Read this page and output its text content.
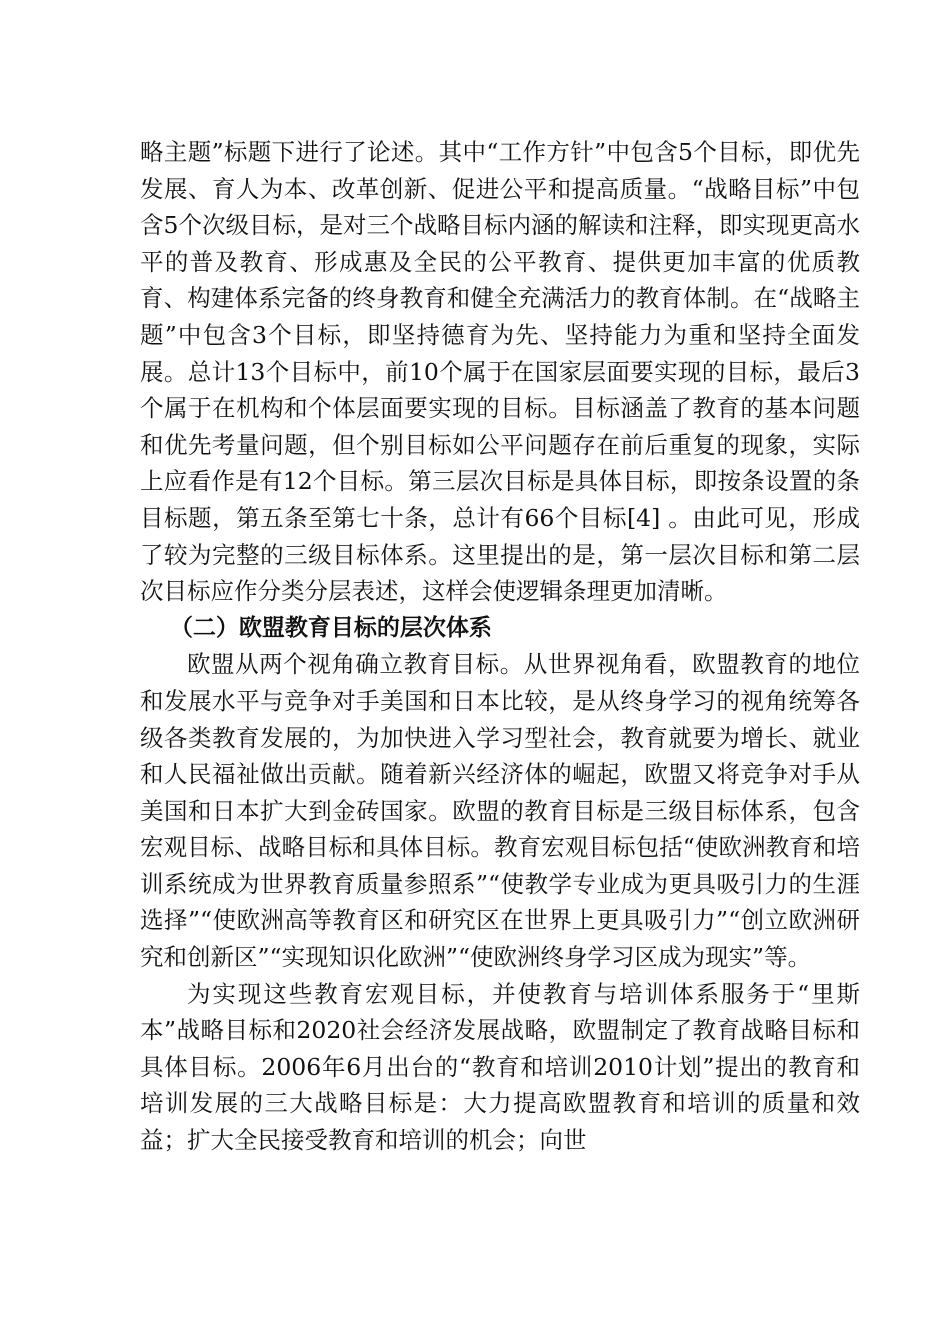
略主题”标题下进行了论述。其中“工作方针”中包含5个目标，即优先发展、育人为本、改革创新、促进公平和提高质量。“战略目标”中包含5个次级目标，是对三个战略目标内涵的解读和注释，即实现更高水平的普及教育、形成惠及全民的公平教育、提供更加丰富的优质教育、构建体系完备的终身教育和健全充满活力的教育体制。在“战略主题”中包含3个目标，即坚持德育为先、坚持能力为重和坚持全面发展。总计13个目标中，前10个属于在国家层面要实现的目标，最后3个属于在机构和个体层面要实现的目标。目标涵盖了教育的基本问题和优先考量问题，但个别目标如公平问题存在前后重复的现象，实际上应看作是有12个目标。第三层次目标是具体目标，即按条设置的条目标题，第五条至第七十条，总计有66个目标[4] 。由此可见，形成了较为完整的三级目标体系。这里提出的是，第一层次目标和第二层次目标应作分类分层表述，这样会使逻辑条理更加清晰。

（二）欧盟教育目标的层次体系

欧盟从两个视角确立教育目标。从世界视角看，欧盟教育的地位和发展水平与竞争对手美国和日本比较，是从终身学习的视角统筹各级各类教育发展的，为加快进入学习型社会，教育就要为增长、就业和人民福祉做出贡献。随着新兴经济体的崛起，欧盟又将竞争对手从美国和日本扩大到金砖国家。欧盟的教育目标是三级目标体系，包含宏观目标、战略目标和具体目标。教育宏观目标包括“使欧洲教育和培训系统成为世界教育质量参照系”“使教学专业成为更具吸引力的生涯选择”“使欧洲高等教育区和研究区在世界上更具吸引力”“创立欧洲研究和创新区”“实现知识化欧洲”“使欧洲终身学习区成为现实”等。

为实现这些教育宏观目标，并使教育与培训体系服务于“里斯本”战略目标和2020社会经济发展战略，欧盟制定了教育战略目标和具体目标。2006年6月出台的“教育和培训2010计划”提出的教育和培训发展的三大战略目标是：大力提高欧盟教育和培训的质量和效益；扩大全民接受教育和培训的机会；向世
